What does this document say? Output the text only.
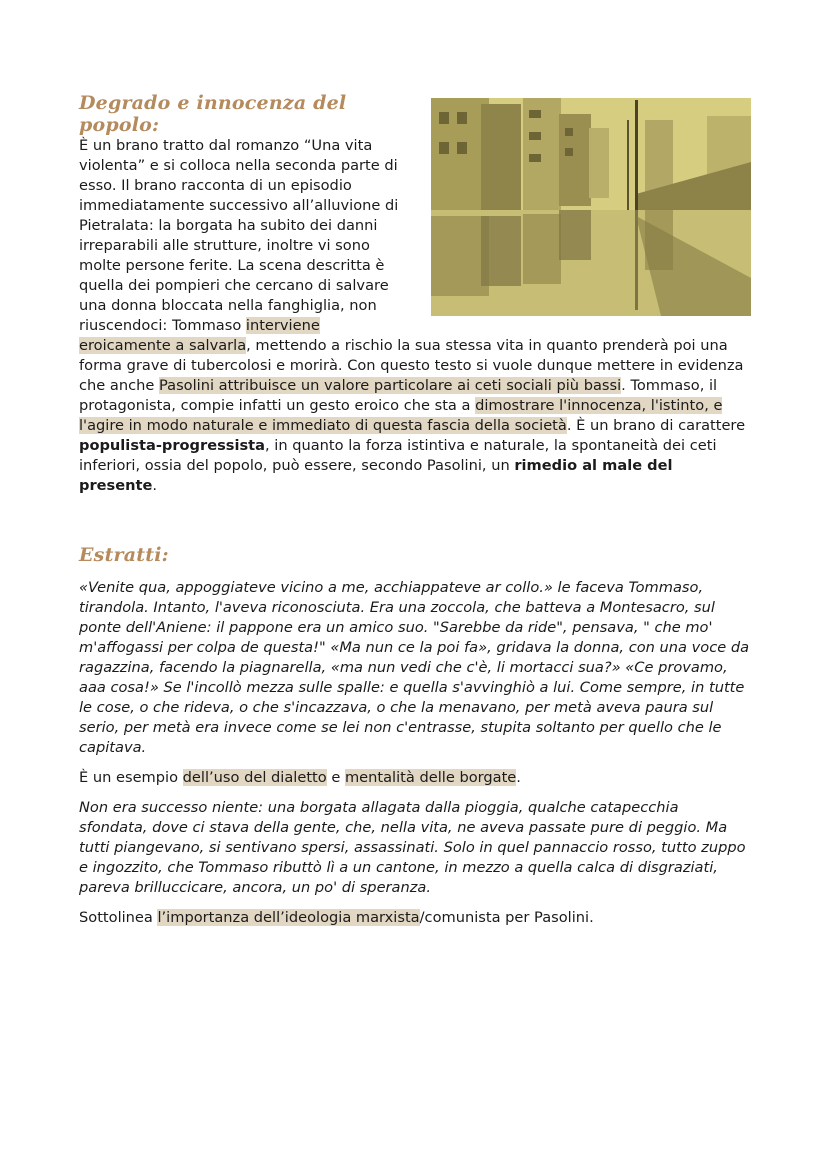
Degrado e innocenza del popolo:

È un brano tratto dal romanzo “Una vita violenta” e si colloca nella seconda parte di esso. Il brano racconta di un episodio immediatamente successivo all’alluvione di Pietralata: la borgata ha subito dei danni irreparabili alle strutture, inoltre vi sono molte persone ferite. La scena descritta è quella dei pompieri che cercano di salvare una donna bloccata nella fanghiglia, non riuscendoci: Tommaso interviene eroicamente a salvarla, mettendo a rischio la sua stessa vita in quanto prenderà poi una forma grave di tubercolosi e morirà. Con questo testo si vuole dunque mettere in evidenza che anche Pasolini attribuisce un valore particolare ai ceti sociali più bassi. Tommaso, il protagonista, compie infatti un gesto eroico che sta a dimostrare l'innocenza, l'istinto, e l'agire in modo naturale e immediato di questa fascia della società. È un brano di carattere populista-progressista, in quanto la forza istintiva e naturale, la spontaneità dei ceti inferiori, ossia del popolo, può essere, secondo Pasolini, un rimedio al male del presente.

Estratti:

«Venite qua, appoggiateve vicino a me, acchiappateve ar collo.» le faceva Tommaso, tirandola. Intanto, l'aveva riconosciuta. Era una zoccola, che batteva a Montesacro, sul ponte dell'Aniene: il pappone era un amico suo. "Sarebbe da ride", pensava, " che mo' m'affogassi per colpa de questa!" «Ma nun ce la poi fa», gridava la donna, con una voce da ragazzina, facendo la piagnarella, «ma nun vedi che c'è, li mortacci sua?» «Ce provamo, aaa cosa!» Se l'incollò mezza sulle spalle: e quella s'avvinghiò a lui. Come sempre, in tutte le cose, o che rideva, o che s'incazzava, o che la menavano, per metà aveva paura sul serio, per metà era invece come se lei non c'entrasse, stupita soltanto per quello che le capitava.

È un esempio dell’uso del dialetto e mentalità delle borgate.

Non era successo niente: una borgata allagata dalla pioggia, qualche catapecchia sfondata, dove ci stava della gente, che, nella vita, ne aveva passate pure di peggio. Ma tutti piangevano, si sentivano spersi, assassinati. Solo in quel pannaccio rosso, tutto zuppo e ingozzito, che Tommaso ributtò lì a un cantone, in mezzo a quella calca di disgraziati, pareva brilluccicare, ancora, un po' di speranza.

Sottolinea l’importanza dell’ideologia marxista/comunista per Pasolini.
